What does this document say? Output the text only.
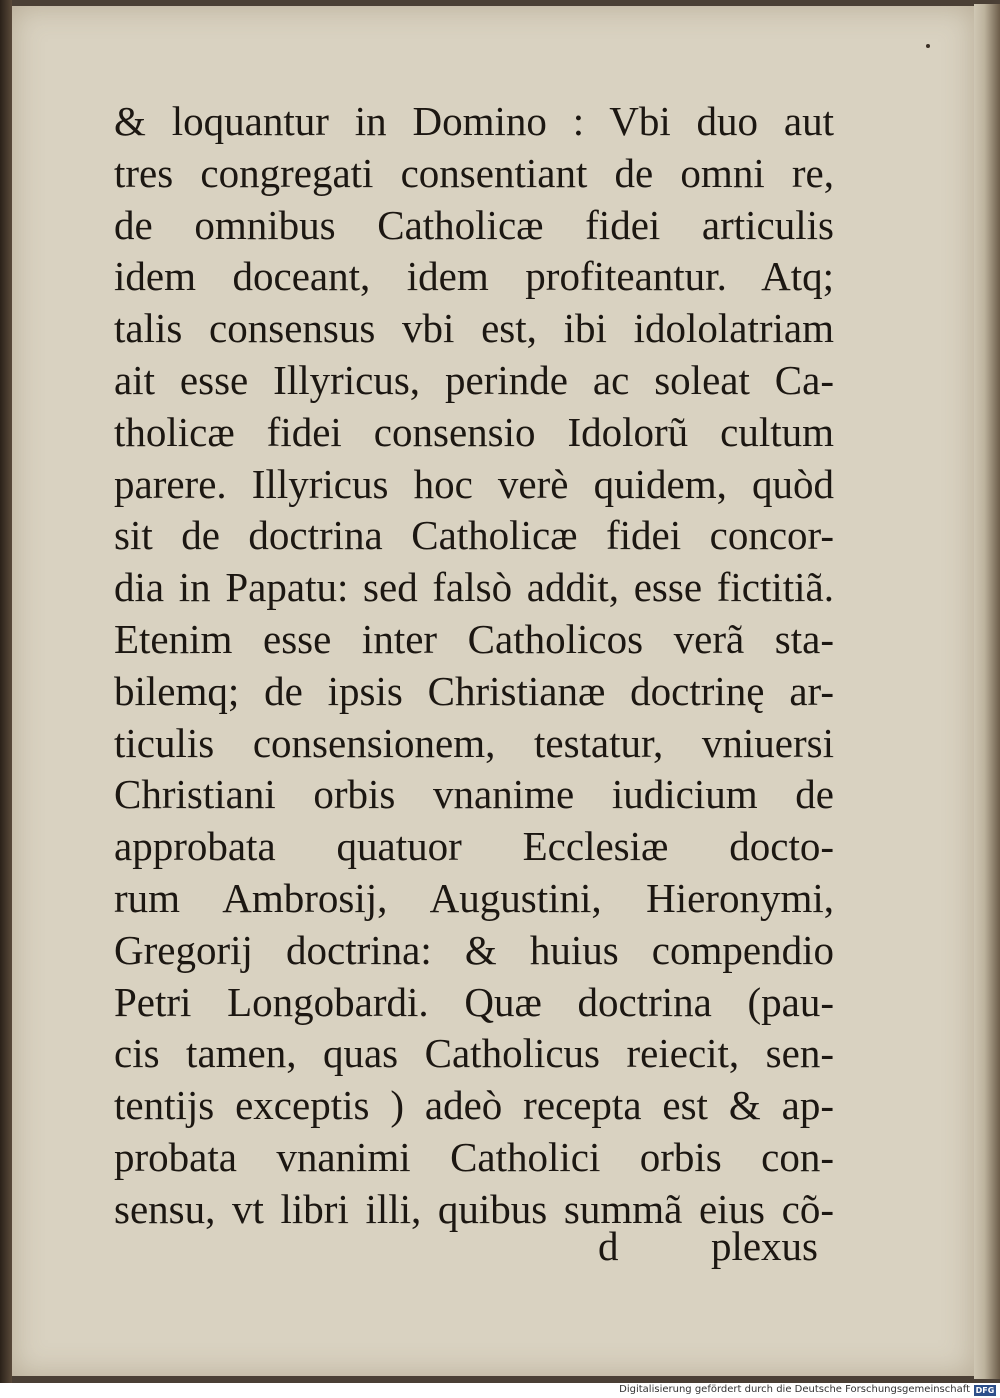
& loquantur in Domino : Vbi duo aut
tres congregati consentiant de omni re,
de omnibus Catholicæ fidei articulis
idem doceant, idem profiteantur. Atq;
talis consensus vbi est, ibi idololatriam
ait esse Illyricus, perinde ac soleat Ca-
tholicæ fidei consensio Idolorũ cultum
parere. Illyricus hoc verè quidem, quòd
sit de doctrina Catholicæ fidei concor-
dia in Papatu: sed falsò addit, esse fictitiã.
Etenim esse inter Catholicos verã sta-
bilemq; de ipsis Christianæ doctrinę ar-
ticulis consensionem, testatur, vniuersi
Christiani orbis vnanime iudicium de
approbata quatuor Ecclesiæ docto-
rum Ambrosij, Augustini, Hieronymi,
Gregorij doctrina: & huius compendio
Petri Longobardi. Quæ doctrina (pau-
cis tamen, quas Catholicus reiecit, sen-
tentijs exceptis ) adeò recepta est & ap-
probata vnanimi Catholici orbis con-
sensu, vt libri illi, quibus summã eius cõ-
d plexus
Digitalisierung gefördert durch die Deutsche Forschungsgemeinschaft DFG
